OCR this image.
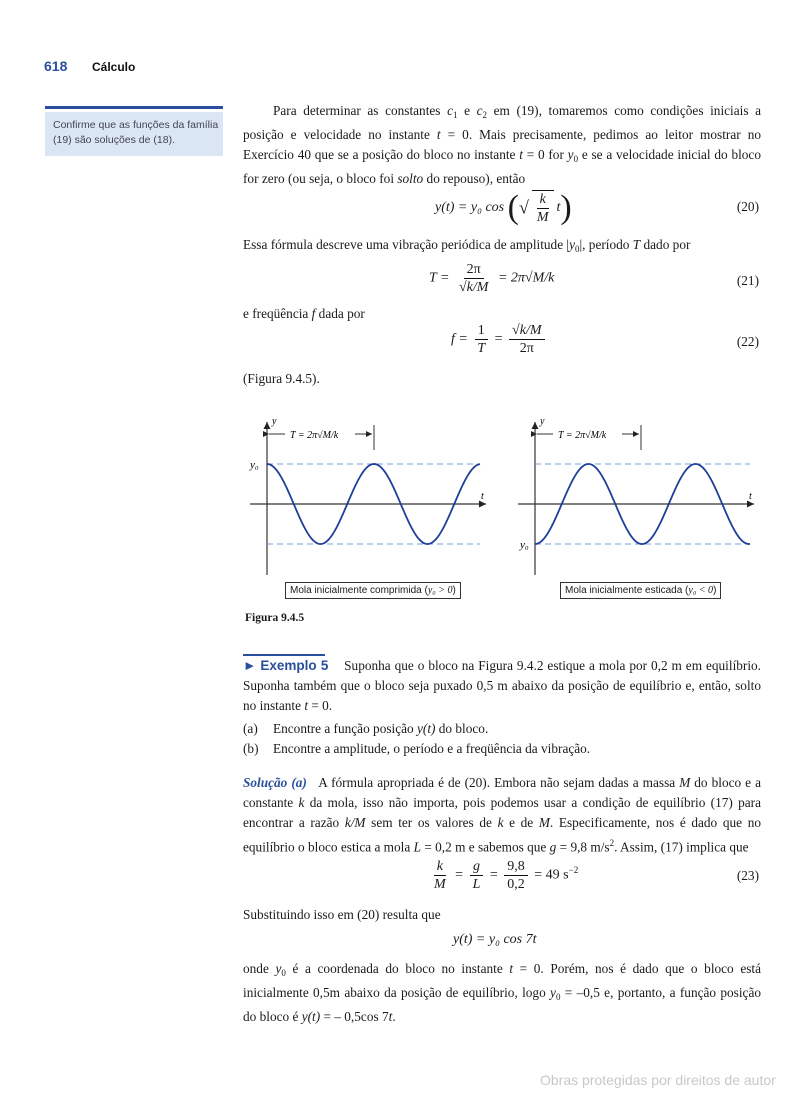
618 Cálculo
Confirme que as funções da família (19) são soluções de (18).
Para determinar as constantes $c_1$ e $c_2$ em (19), tomaremos como condições iniciais a posição e velocidade no instante t = 0. Mais precisamente, pedimos ao leitor mostrar no Exercício 40 que se a posição do bloco no instante t = 0 for $y_0$ e se a velocidade inicial do bloco for zero (ou seja, o bloco foi solto do repouso), então
y(t) = y₀ cos (√ $\frac{k}{M} t$)	(20)
Essa fórmula descreve uma vibração periódica de amplitude $|y_0|$, período T dado por
$T = \frac{2\pi}{√k/M} = 2\pi√M/k$	(21)
e freqüência f dada por
$f = \frac{1}{T} = \frac{√k/M}{2\pi}$	(22)
(Figura 9.4.5).
y
t
y₀
T = 2π√M/k
y
t
y₀
T = 2π√M/k
Mola inicialmente comprimida (y₀ > 0)	Mola inicialmente esticada (y₀ < 0)
Figura 9.4.5
► Exemplo 5 Suponha que o bloco na Figura 9.4.2 estique a mola por 0,2 m em equilíbrio. Suponha também que o bloco seja puxado 0,5 m abaixo da posição de equilíbrio e, então, solto no instante t = 0.
(a) Encontre a função posição y(t) do bloco.
(b) Encontre a amplitude, o período e a freqüência da vibração.
Solução (a) A fórmula apropriada é de (20). Embora não sejam dadas a massa M do bloco e a constante k da mola, isso não importa, pois podemos usar a condição de equilíbrio (17) para encontrar a razão k/M sem ter os valores de k e de M. Especificamente, nos é dado que no equilíbrio o bloco estica a mola L = 0,2 m e sabemos que g = 9,8 $m/s^2$. Assim, (17) implica que
$\frac{k}{M} = \frac{g}{L} = \frac{9,8}{0,2} = 49$ $s^{-2}$	(23)
Substituindo isso em (20) resulta que
y(t) = y₀ cos 7t
onde $y_0$ é a coordenada do bloco no instante t = 0. Porém, nos é dado que o bloco está inicialmente 0,5m abaixo da posição de equilíbrio, logo $y_0 = -0,5$ e, portanto, a função posição do bloco é y(t) = – 0,5cos 7t.
Obras protegidas por direitos de autor
